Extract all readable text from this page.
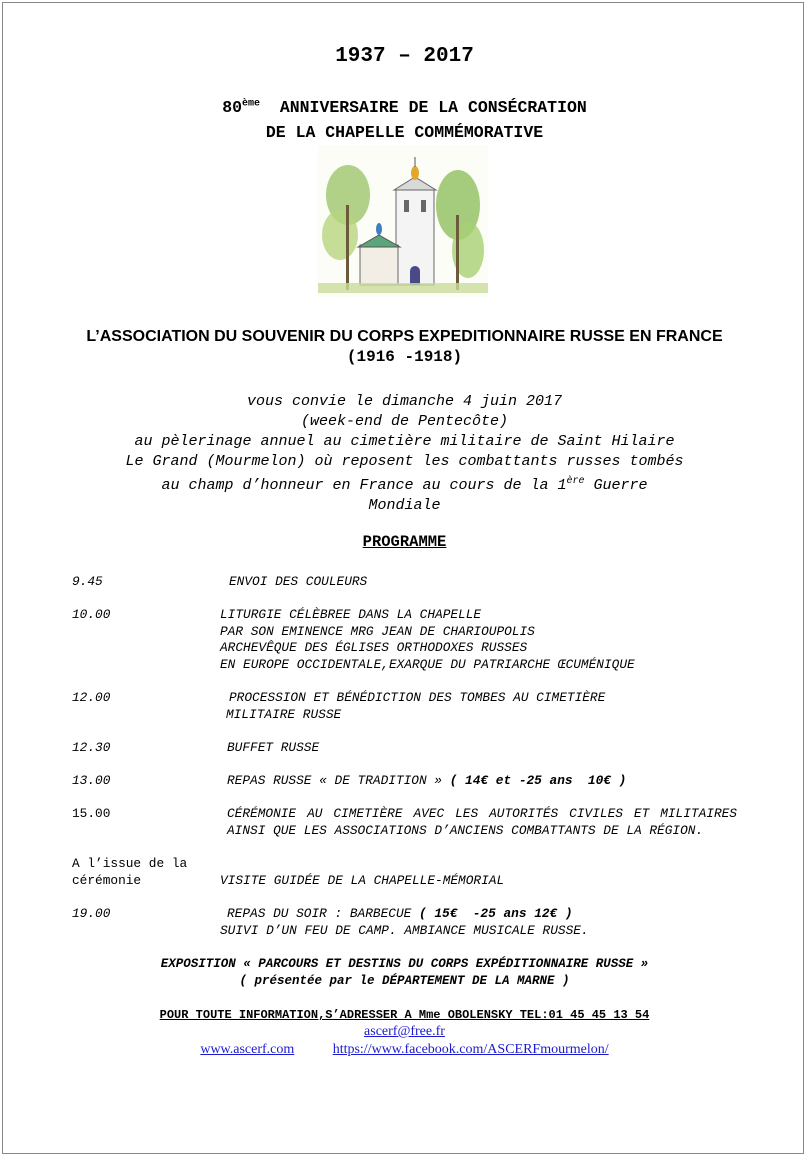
1937 – 2017
80ème ANNIVERSAIRE DE LA CONSÉCRATION
DE LA CHAPELLE COMMÉMORATIVE
L’ASSOCIATION DU SOUVENIR DU CORPS EXPEDITIONNAIRE RUSSE EN FRANCE
(1916 -1918)
vous convie le dimanche 4 juin 2017
(week-end de Pentecôte)
au pèlerinage annuel au cimetière militaire de Saint Hilaire
Le Grand (Mourmelon) où reposent les combattants russes tombés
au champ d’honneur en France au cours de la 1ère Guerre
Mondiale
PROGRAMME
9.45	ENVOI DES COULEURS
10.00	LITURGIE CÉLÈBREE DANS LA CHAPELLE
PAR SON EMINENCE MRG JEAN DE CHARIOUPOLIS
ARCHEVÊQUE DES ÉGLISES ORTHODOXES RUSSES
EN EUROPE OCCIDENTALE,EXARQUE DU PATRIARCHE ŒCUMÉNIQUE
12.00	PROCESSION ET BÉNÉDICTION DES TOMBES AU CIMETIÈRE
MILITAIRE RUSSE
12.30	BUFFET RUSSE
13.00	REPAS RUSSE « DE TRADITION » ( 14€ et -25 ans  10€ )
15.00	CÉRÉMONIE AU CIMETIÈRE AVEC LES AUTORITÉS CIVILES ET MILITAIRES AINSI QUE LES ASSOCIATIONS D’ANCIENS COMBATTANTS DE LA RÉGION.
A l’issue de la
cérémonie	VISITE GUIDÉE DE LA CHAPELLE-MÉMORIAL
19.00	REPAS DU SOIR : BARBECUE ( 15€  -25 ans 12€ )
SUIVI D’UN FEU DE CAMP. AMBIANCE MUSICALE RUSSE.
EXPOSITION « PARCOURS ET DESTINS DU CORPS EXPÉDITIONNAIRE RUSSE »
( présentée par le DÉPARTEMENT DE LA MARNE )
POUR TOUTE INFORMATION,S’ADRESSER A Mme OBOLENSKY TEL:01 45 45 13 54
ascerf@free.fr
www.ascerf.com	https://www.facebook.com/ASCERFmourmelon/
